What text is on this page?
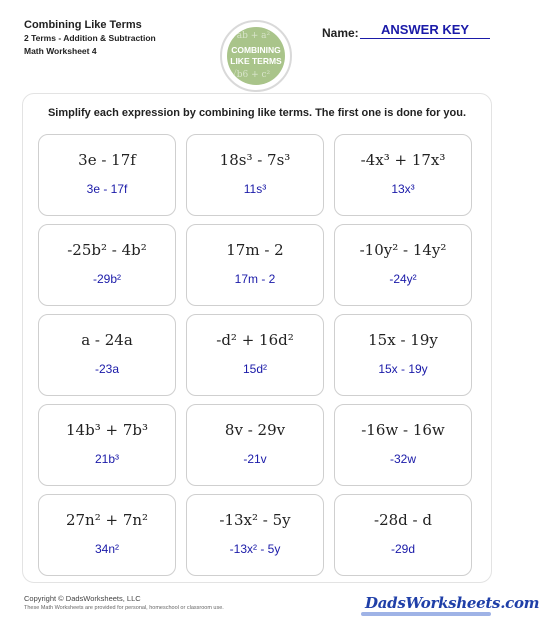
Combining Like Terms
2 Terms - Addition & Subtraction
Math Worksheet 4
√ab + a²
√b6 + c²
COMBINING
LIKE TERMS
Name:	ANSWER KEY
Simplify each expression by combining like terms. The first one is done for you.
3e - 17f
3e - 17f
18s³ - 7s³
11s³
-4x³ + 17x³
13x³
-25b² - 4b²
-29b²
17m - 2
17m - 2
-10y² - 14y²
-24y²
a - 24a
-23a
-d² + 16d²
15d²
15x - 19y
15x - 19y
14b³ + 7b³
21b³
8v - 29v
-21v
-16w - 16w
-32w
27n² + 7n²
34n²
-13x² - 5y
-13x² - 5y
-28d - d
-29d
Copyright © DadsWorksheets, LLC
These Math Worksheets are provided for personal, homeschool or classroom use.	DadsWorksheets.com
